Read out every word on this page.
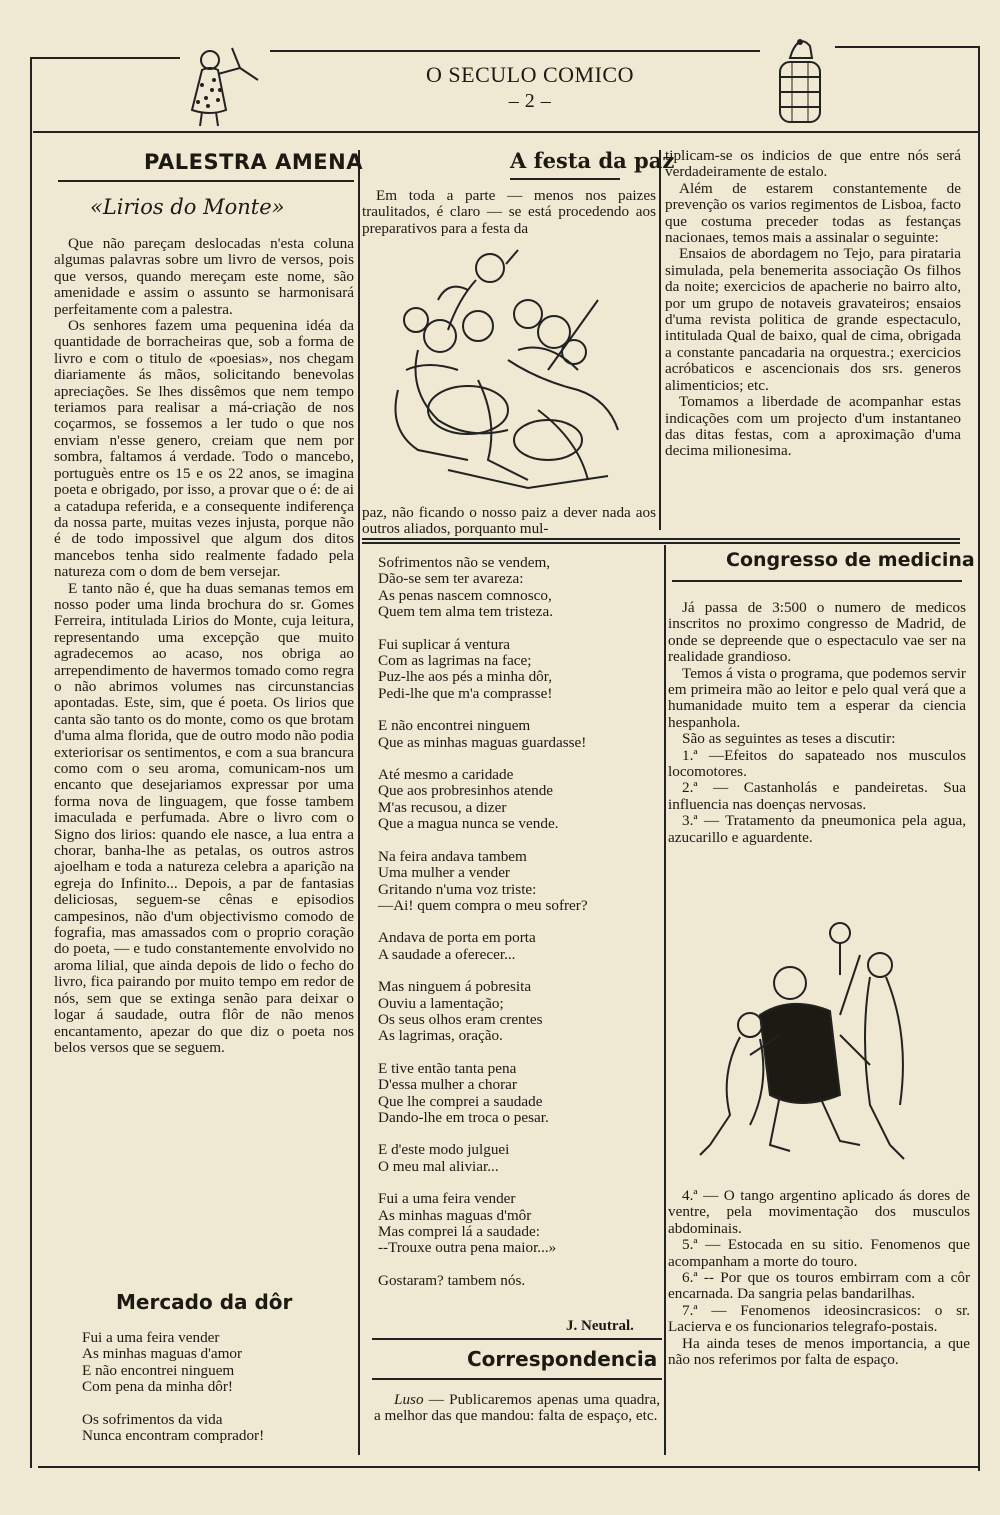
O SECULO COMICO
– 2 –
PALESTRA AMENA
«Lirios do Monte»

Que não pareçam deslocadas n'esta coluna algumas palavras sobre um livro de versos, pois que versos, quando mereçam este nome, são amenidade e assim o assunto se harmonisará perfeitamente com a palestra.

Os senhores fazem uma pequenina idéa da quantidade de borracheiras que, sob a forma de livro e com o titulo de «poesias», nos chegam diariamente ás mãos, solicitando benevolas apreciações. Se lhes dissêmos que nem tempo teriamos para realisar a má-criação de nos coçarmos, se fossemos a ler tudo o que nos enviam n'esse genero, creiam que nem por sombra, faltamos á verdade. Todo o mancebo, portuguès entre os 15 e os 22 anos, se imagina poeta e obrigado, por isso, a provar que o é: de ai a catadupa referida, e a consequente indiferença da nossa parte, muitas vezes injusta, porque não é de todo impossivel que algum dos ditos mancebos tenha sido realmente fadado pela natureza com o dom de bem versejar.

E tanto não é, que ha duas semanas temos em nosso poder uma linda brochura do sr. Gomes Ferreira, intitulada Lirios do Monte, cuja leitura, representando uma excepção que muito agradecemos ao acaso, nos obriga ao arrependimento de havermos tomado como regra o não abrimos volumes nas circunstancias apontadas. Este, sim, que é poeta. Os lirios que canta são tanto os do monte, como os que brotam d'uma alma florida, que de outro modo não podia exteriorisar os sentimentos, e com a sua brancura como com o seu aroma, comunicam-nos um encanto que desejariamos expressar por uma forma nova de linguagem, que fosse tambem imaculada e perfumada. Abre o livro com o Signo dos lirios: quando ele nasce, a lua entra a chorar, banha-lhe as petalas, os outros astros ajoelham e toda a natureza celebra a aparição na egreja do Infinito... Depois, a par de fantasias deliciosas, seguem-se cênas e episodios campesinos, não d'um objectivismo comodo de fografia, mas amassados com o proprio coração do poeta, — e tudo constantemente envolvido no aroma lilial, que ainda depois de lido o fecho do livro, fica pairando por muito tempo em redor de nós, sem que se extinga senão para deixar o logar á saudade, outra flôr de não menos encantamento, apezar do que diz o poeta nos belos versos que se seguem.

Mercado da dôr
Fui a uma feira vender
As minhas maguas d'amor
E não encontrei ninguem
Com pena da minha dôr!
Os sofrimentos da vida
Nunca encontram comprador!
A festa da paz

Em toda a parte — menos nos paizes traulitados, é claro — se está procedendo aos preparativos para a festa da

paz, não ficando o nosso paiz a dever nada aos outros aliados, porquanto mul-

Sofrimentos não se vendem,
Dão-se sem ter avareza:
As penas nascem comnosco,
Quem tem alma tem tristeza.
Fui suplicar á ventura
Com as lagrimas na face;
Puz-lhe aos pés a minha dôr,
Pedi-lhe que m'a comprasse!
E não encontrei ninguem
Que as minhas maguas guardasse!
Até mesmo a caridade
Que aos probresinhos atende
M'as recusou, a dizer
Que a magua nunca se vende.
Na feira andava tambem
Uma mulher a vender
Gritando n'uma voz triste:
—Ai! quem compra o meu sofrer?
Andava de porta em porta
A saudade a oferecer...
Mas ninguem á pobresita
Ouviu a lamentação;
Os seus olhos eram crentes
As lagrimas, oração.
E tive então tanta pena
D'essa mulher a chorar
Que lhe comprei a saudade
Dando-lhe em troca o pesar.
E d'este modo julguei
O meu mal aliviar...
Fui a uma feira vender
As minhas maguas d'môr
Mas comprei lá a saudade:
--Trouxe outra pena maior...»
Gostaram? tambem nós.
J. Neutral.
Correspondencia

Luso — Publicaremos apenas uma quadra, a melhor das que mandou: falta de espaço, etc.

tiplicam-se os indicios de que entre nós será verdadeiramente de estalo.

Além de estarem constantemente de prevenção os varios regimentos de Lisboa, facto que costuma preceder todas as festanças nacionaes, temos mais a assinalar o seguinte:

Ensaios de abordagem no Tejo, para pirataria simulada, pela benemerita associação Os filhos da noite; exercicios de apacherie no bairro alto, por um grupo de notaveis gravateiros; ensaios d'uma revista politica de grande espectaculo, intitulada Qual de baixo, qual de cima, obrigada a constante pancadaria na orquestra.; exercicios acróbaticos e ascencionais dos srs. generos alimenticios; etc.

Tomamos a liberdade de acompanhar estas indicações com um projecto d'um instantaneo das ditas festas, com a aproximação d'uma decima milionesima.

Congresso de medicina

Já passa de 3:500 o numero de medicos inscritos no proximo congresso de Madrid, de onde se depreende que o espectaculo vae ser na realidade grandioso.

Temos á vista o programa, que podemos servir em primeira mão ao leitor e pelo qual verá que a humanidade muito tem a esperar da ciencia hespanhola.

São as seguintes as teses a discutir:

1.ª —Efeitos do sapateado nos musculos locomotores.

2.ª — Castanholás e pandeiretas. Sua influencia nas doenças nervosas.

3.ª — Tratamento da pneumonica pela agua, azucarillo e aguardente.

4.ª — O tango argentino aplicado ás dores de ventre, pela movimentação dos musculos abdominais.

5.ª — Estocada en su sitio. Fenomenos que acompanham a morte do touro.

6.ª -- Por que os touros embirram com a côr encarnada. Da sangria pelas bandarilhas.

7.ª — Fenomenos ideosincrasicos: o sr. Lacierva e os funcionarios telegrafo-postais.

Ha ainda teses de menos importancia, a que não nos referimos por falta de espaço.
